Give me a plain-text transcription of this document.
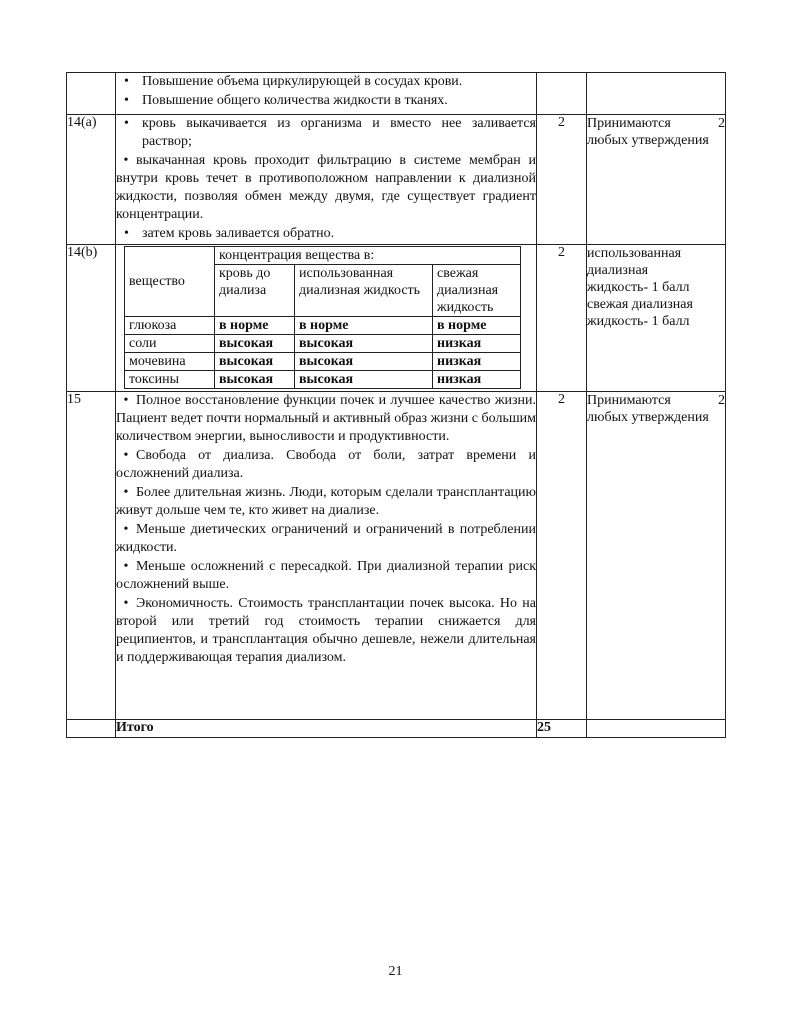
• Повышение объема циркулирующей в сосудах крови.
• Повышение общего количества жидкости в тканях.

14(a)	• кровь выкачивается из организма и вместо нее заливается раствор;
• выкачанная кровь проходит фильтрацию в системе мембран и внутри кровь течет в противоположном направлении к диализной жидкости, позволяя обмен между двумя, где существует градиент концентрации.
• затем кровь заливается обратно.
	2	Принимаются	2
любых утверждения

14(b)	
вещество	концентрация вещества в:
кровь до диализа	использованная диализная жидкость	свежая диализная жидкость
глюкоза	в норме	в норме	в норме
соли	высокая	высокая	низкая
мочевина	высокая	высокая	низкая
токсины	высокая	высокая	низкая
	2	использованная
диализная
жидкость- 1 балл
свежая диализная
жидкость- 1 балл

15	• Полное восстановление функции почек и лучшее качество жизни. Пациент ведет почти нормальный и активный образ жизни с большим количеством энергии, выносливости и продуктивности.
• Свобода от диализа. Свобода от боли, затрат времени и осложнений диализа.
• Более длительная жизнь. Люди, которым сделали трансплантацию живут дольше чем те, кто живет на диализе.
• Меньше диетических ограничений и ограничений в потреблении жидкости.
• Меньше осложнений с пересадкой. При диализной терапии риск осложнений выше.
• Экономичность. Стоимость трансплантации почек высока. Но на второй или третий год стоимость терапии снижается для реципиентов, и трансплантация обычно дешевле, нежели длительная и поддерживающая терапия диализом.
	2	Принимаются	2
любых утверждения

	Итого	25	
21
